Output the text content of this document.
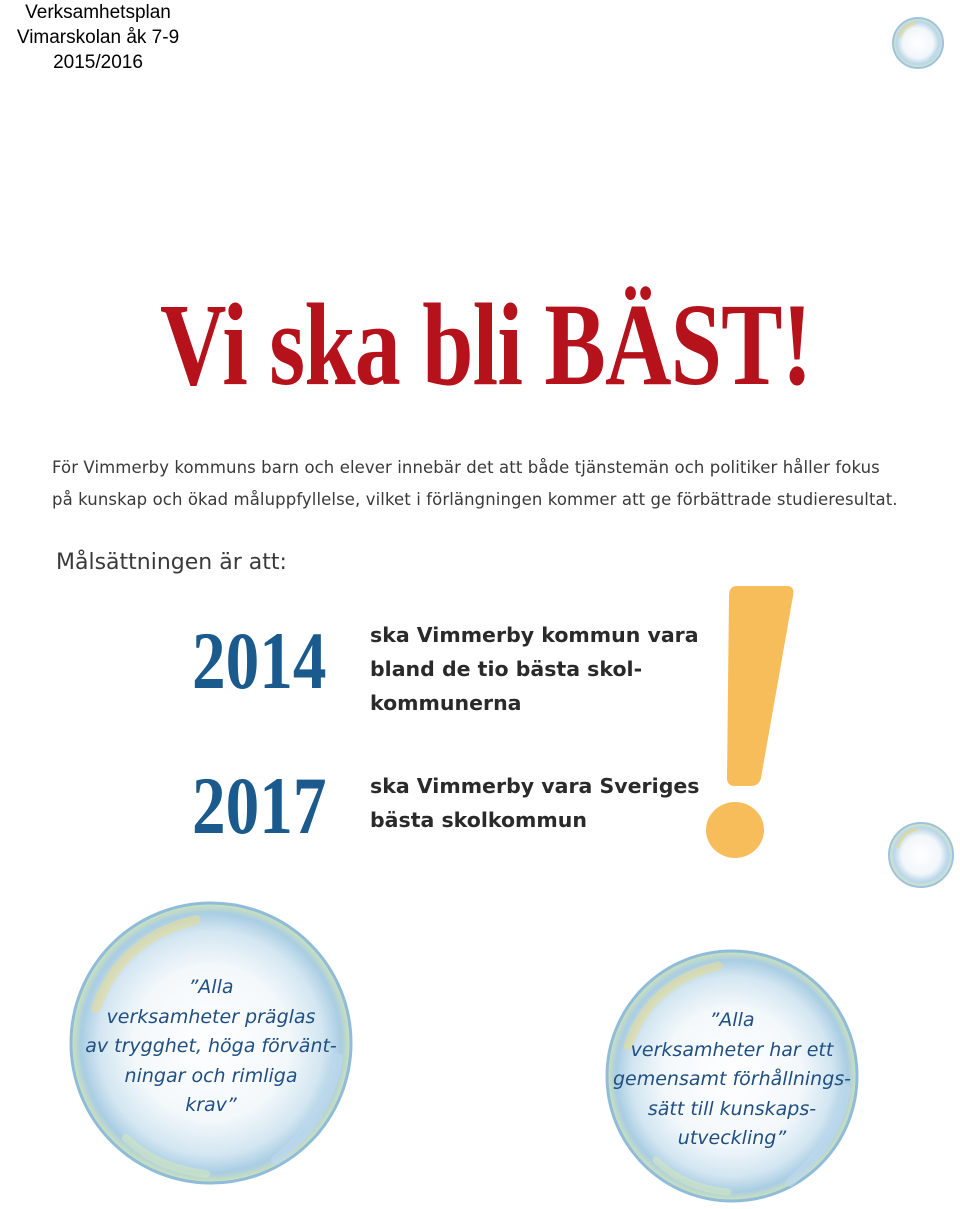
Verksamhetsplan
Vimarskolan åk 7-9
2015/2016
Vi ska bli BÄST!
För Vimmerby kommuns barn och elever innebär det att både tjänstemän och politiker håller fokus
på kunskap och ökad måluppfyllelse, vilket i förlängningen kommer att ge förbättrade studieresultat.
Målsättningen är att:
2014 ska Vimmerby kommun vara
bland de tio bästa skol-
kommunerna
2017 ska Vimmerby vara Sveriges
bästa skolkommun
”Alla
verksamheter präglas
av trygghet, höga förvänt-
ningar och rimliga
krav”
”Alla
verksamheter har ett
gemensamt förhållnings-
sätt till kunskaps-
utveckling”
